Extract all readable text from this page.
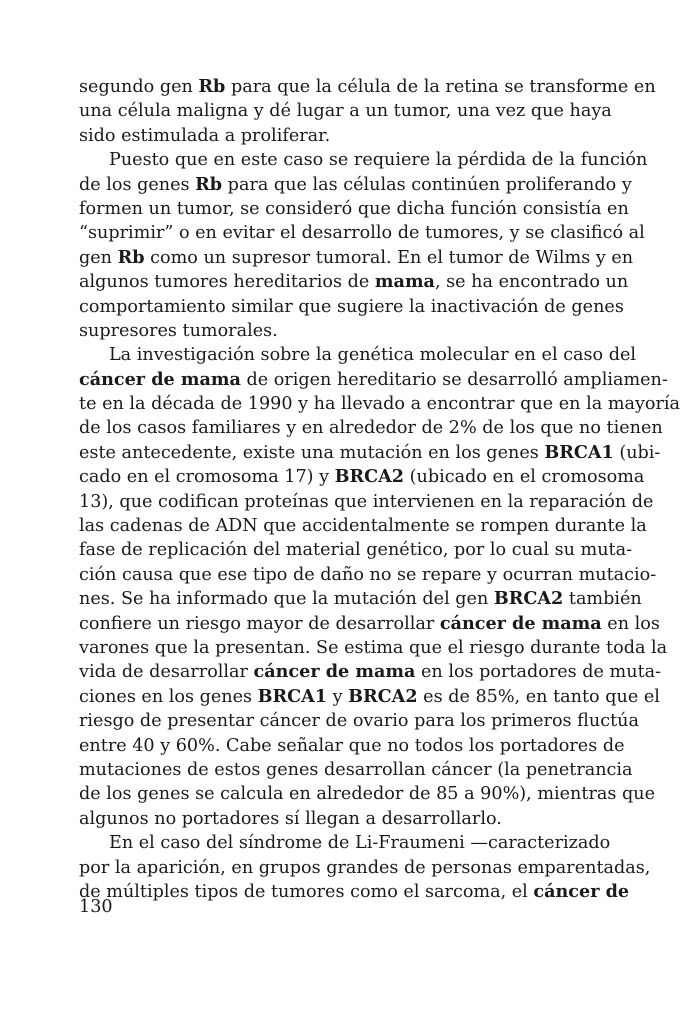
segundo gen Rb para que la célula de la retina se transforme en
una célula maligna y dé lugar a un tumor, una vez que haya
sido estimulada a proliferar.
Puesto que en este caso se requiere la pérdida de la función
de los genes Rb para que las células continúen proliferando y
formen un tumor, se consideró que dicha función consistía en
“suprimir” o en evitar el desarrollo de tumores, y se clasificó al
gen Rb como un supresor tumoral. En el tumor de Wilms y en
algunos tumores hereditarios de mama, se ha encontrado un
comportamiento similar que sugiere la inactivación de genes
supresores tumorales.
La investigación sobre la genética molecular en el caso del
cáncer de mama de origen hereditario se desarrolló ampliamen-
te en la década de 1990 y ha llevado a encontrar que en la mayoría
de los casos familiares y en alrededor de 2% de los que no tienen
este antecedente, existe una mutación en los genes BRCA1 (ubi-
cado en el cromosoma 17) y BRCA2 (ubicado en el cromosoma
13), que codifican proteínas que intervienen en la reparación de
las cadenas de ADN que accidentalmente se rompen durante la
fase de replicación del material genético, por lo cual su muta-
ción causa que ese tipo de daño no se repare y ocurran mutacio-
nes. Se ha informado que la mutación del gen BRCA2 también
confiere un riesgo mayor de desarrollar cáncer de mama en los
varones que la presentan. Se estima que el riesgo durante toda la
vida de desarrollar cáncer de mama en los portadores de muta-
ciones en los genes BRCA1 y BRCA2 es de 85%, en tanto que el
riesgo de presentar cáncer de ovario para los primeros fluctúa
entre 40 y 60%. Cabe señalar que no todos los portadores de
mutaciones de estos genes desarrollan cáncer (la penetrancia
de los genes se calcula en alrededor de 85 a 90%), mientras que
algunos no portadores sí llegan a desarrollarlo.
En el caso del síndrome de Li-Fraumeni —caracterizado
por la aparición, en grupos grandes de personas emparentadas,
de múltiples tipos de tumores como el sarcoma, el cáncer de
130
